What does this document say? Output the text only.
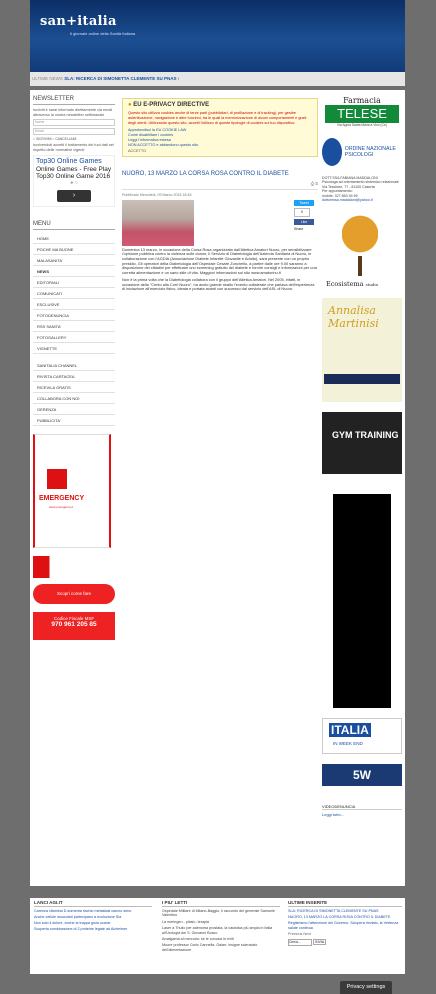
san+italia
Il giornale online della Sanità Italiana
ULTIME NEWS SLA: RICERCA DI SIMONETTA CLEMENTE SU PNAS ›
NEWSLETTER
Iscriviti e sarai informato direttamente via email attraverso la nostra newsletter settimanale
Nome
Email
○ ISCRIVIMI ○ CANCELLAMI
Iscrivendoti accetti il trattamento dei tuoi dati nel rispetto delle normative vigenti
Top30 Online Games
Online Games - Free Play Top30 Online Game 2016
● ○
›
MENU
HOME
POCHE MA BUONE
MALASANITA'
NEWS
EDITORIALI
COMUNICATI
ESCLUSIVE
FOTODENUNCIA
RSS SANITA'
FOTOGALLERY
VIGNETTE
SANITALIA CHANNEL
RIVISTA CARTACEA
RICEVILA GRATIS
COLLABORA CON NOI
GERENZA
PUBBLICITA'
EMERGENCY
www.emergency.it
Scopri come fare
Codice Fiscale MSF
970 961 205 85
● EU E-PRIVACY DIRECTIVE
Questo sito utilizza cookies anche di terze parti (pubblicitari, di profilazione e di tracking), per gestire autenticazione, navigazione e altre funzioni, tra le quali la memorizzazione di alcuni comportamenti e gusti degli utenti. Utilizzando questo sito, accetti l'utilizzo di queste tipologie di cookies sul tuo dispositivo.
Approfondisci la EU COOKIE LAW
Come disabilitare i cookies
Leggi l'informativa estesa
NON ACCETTO e abbandono questo sito
ACCETTO
NUORO, 13 MARZO LA CORSA ROSA CONTRO IL DIABETE
⎙ ✉
Pubblicato Mercoledì, 09 Marzo 2016 18:45
Tweet
0
Like
Share
Domenica 13 marzo, in occasione della Corsa Rosa organizzata dall'Atletica Amatori Nuoro, per sensibilizzare l'opinione pubblica contro la violenza sulle donne, il Servizio di Diabetologia dell'Azienda Sanitaria di Nuoro, in collaborazione con l'AGDIA (Associazione Diabete Infantile Giovanile e Adulto), sarà presente con un proprio presidio. Gli operatori della Diabetologia dell'Ospedale Cesare Zonchello, a partire dalle ore 9.00 saranno a disposizione dei cittadini per effettuare uno screening gratuito del diabete e fornire consigli e informazioni per una corretta alimentazione e un sano stile di vita. Maggiori informazioni sul sito www.amatorinu.it
Non è la prima volta che la Diabetologia collabora con il gruppo dell'Atletica Amatori. Nel 2005, infatti, in occasione della "Cento alla Corri Nuoro", ha avuto grande risalto l'evento collaterale che parlava dell'esperienza di iniziazione all'esercizio fisico, ideata e portata avanti con successo dal servizio dell'ASL di Nuoro.
Farmacia
TELESE
Via Appia Santa Maria a Vico (Ce)
ORDINE NAZIONALE PSICOLOGI
DOTT.SSA FABIANA MADDALONI
Psicologa ad orientamento sistemico relazionale
Via Tescione, 77 - 81100 Caserta
Per appuntamento:
mobile: 327 863 94 69
dottoressa.maddaloni@yahoo.it
Ecosistema studio
Annalisa Martinisi
GYM TRAINING
ITALIA
IN WEEK END
5W
VIDEODENUNCIA
Leggi tutto...
LANCI AGI.IT
Carenza vitamina D aumenta rischio metastasi cancro seno
Anche cellule muscolari partecipano a evoluzione Sla
Non solo il dolore, anche la trappa gioia uccide
Scoperta combinazione di 2 proteine legate ad Alzheimer
I PIU' LETTI
Ospedale Militare di Milano-Baggio, il racconto del generale Samuele Valentino
La meringen - plasio -terapia
Laser a Thulio per adenoma prostata, la casistica più ampia in Italia all'Urologia del S. Giovanni Bosco
Amalgama al mercurio: se le conosci le eviti
Muore professor Carlo Cannella. Galan: insigne scienziato dell'alimentazione
ULTIME INSERITE
SLA: RICERCA DI SIMONETTA CLEMENTE SU PNAS
NUORO, 13 MARZO LA CORSA ROSA CONTRO IL DIABETE
Registrismo l'attenzione del Governo. Sciopera rinviato, la Vertenza salute continua
Previous Next
Cerca...	INVIA
Privacy settings
